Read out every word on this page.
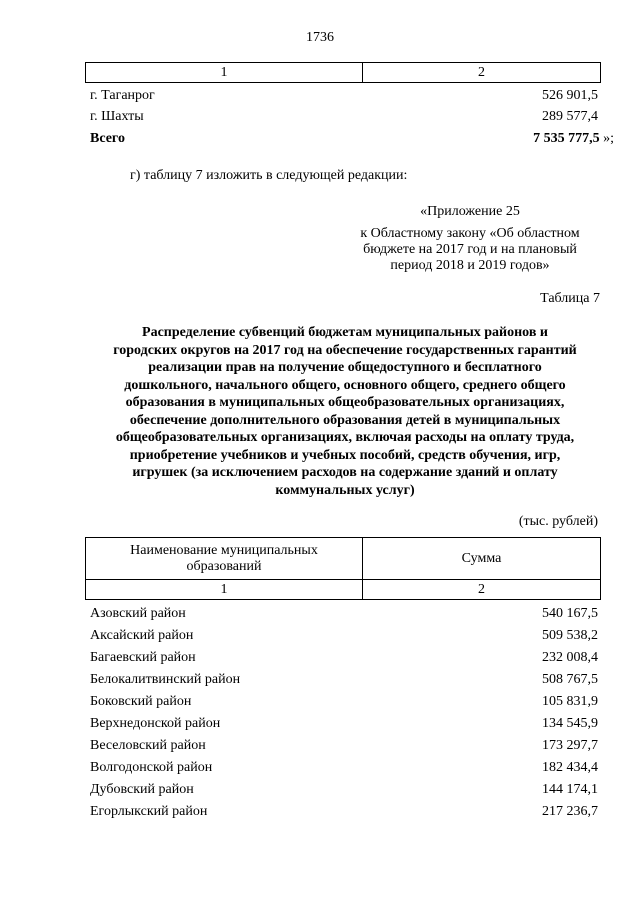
1736
1	2
г. Таганрог	526 901,5
г. Шахты	289 577,4
Всего	7 535 777,5 »;
г) таблицу 7 изложить в следующей редакции:
«Приложение 25
к Областному закону «Об областном
бюджете на 2017 год и на плановый
период 2018 и 2019 годов»
Таблица 7
Распределение субвенций бюджетам муниципальных районов и
городских округов на 2017 год на обеспечение государственных гарантий
реализации прав на получение общедоступного и бесплатного
дошкольного, начального общего, основного общего, среднего общего
образования в муниципальных общеобразовательных организациях,
обеспечение дополнительного образования детей в муниципальных
общеобразовательных организациях, включая расходы на оплату труда,
приобретение учебников и учебных пособий, средств обучения, игр,
игрушек (за исключением расходов на содержание зданий и оплату
коммунальных услуг)
(тыс. рублей)
Наименование муниципальных
образований	Сумма
1	2
Азовский район	540 167,5
Аксайский район	509 538,2
Багаевский район	232 008,4
Белокалитвинский район	508 767,5
Боковский район	105 831,9
Верхнедонской район	134 545,9
Веселовский район	173 297,7
Волгодонской район	182 434,4
Дубовский район	144 174,1
Егорлыкский район	217 236,7
